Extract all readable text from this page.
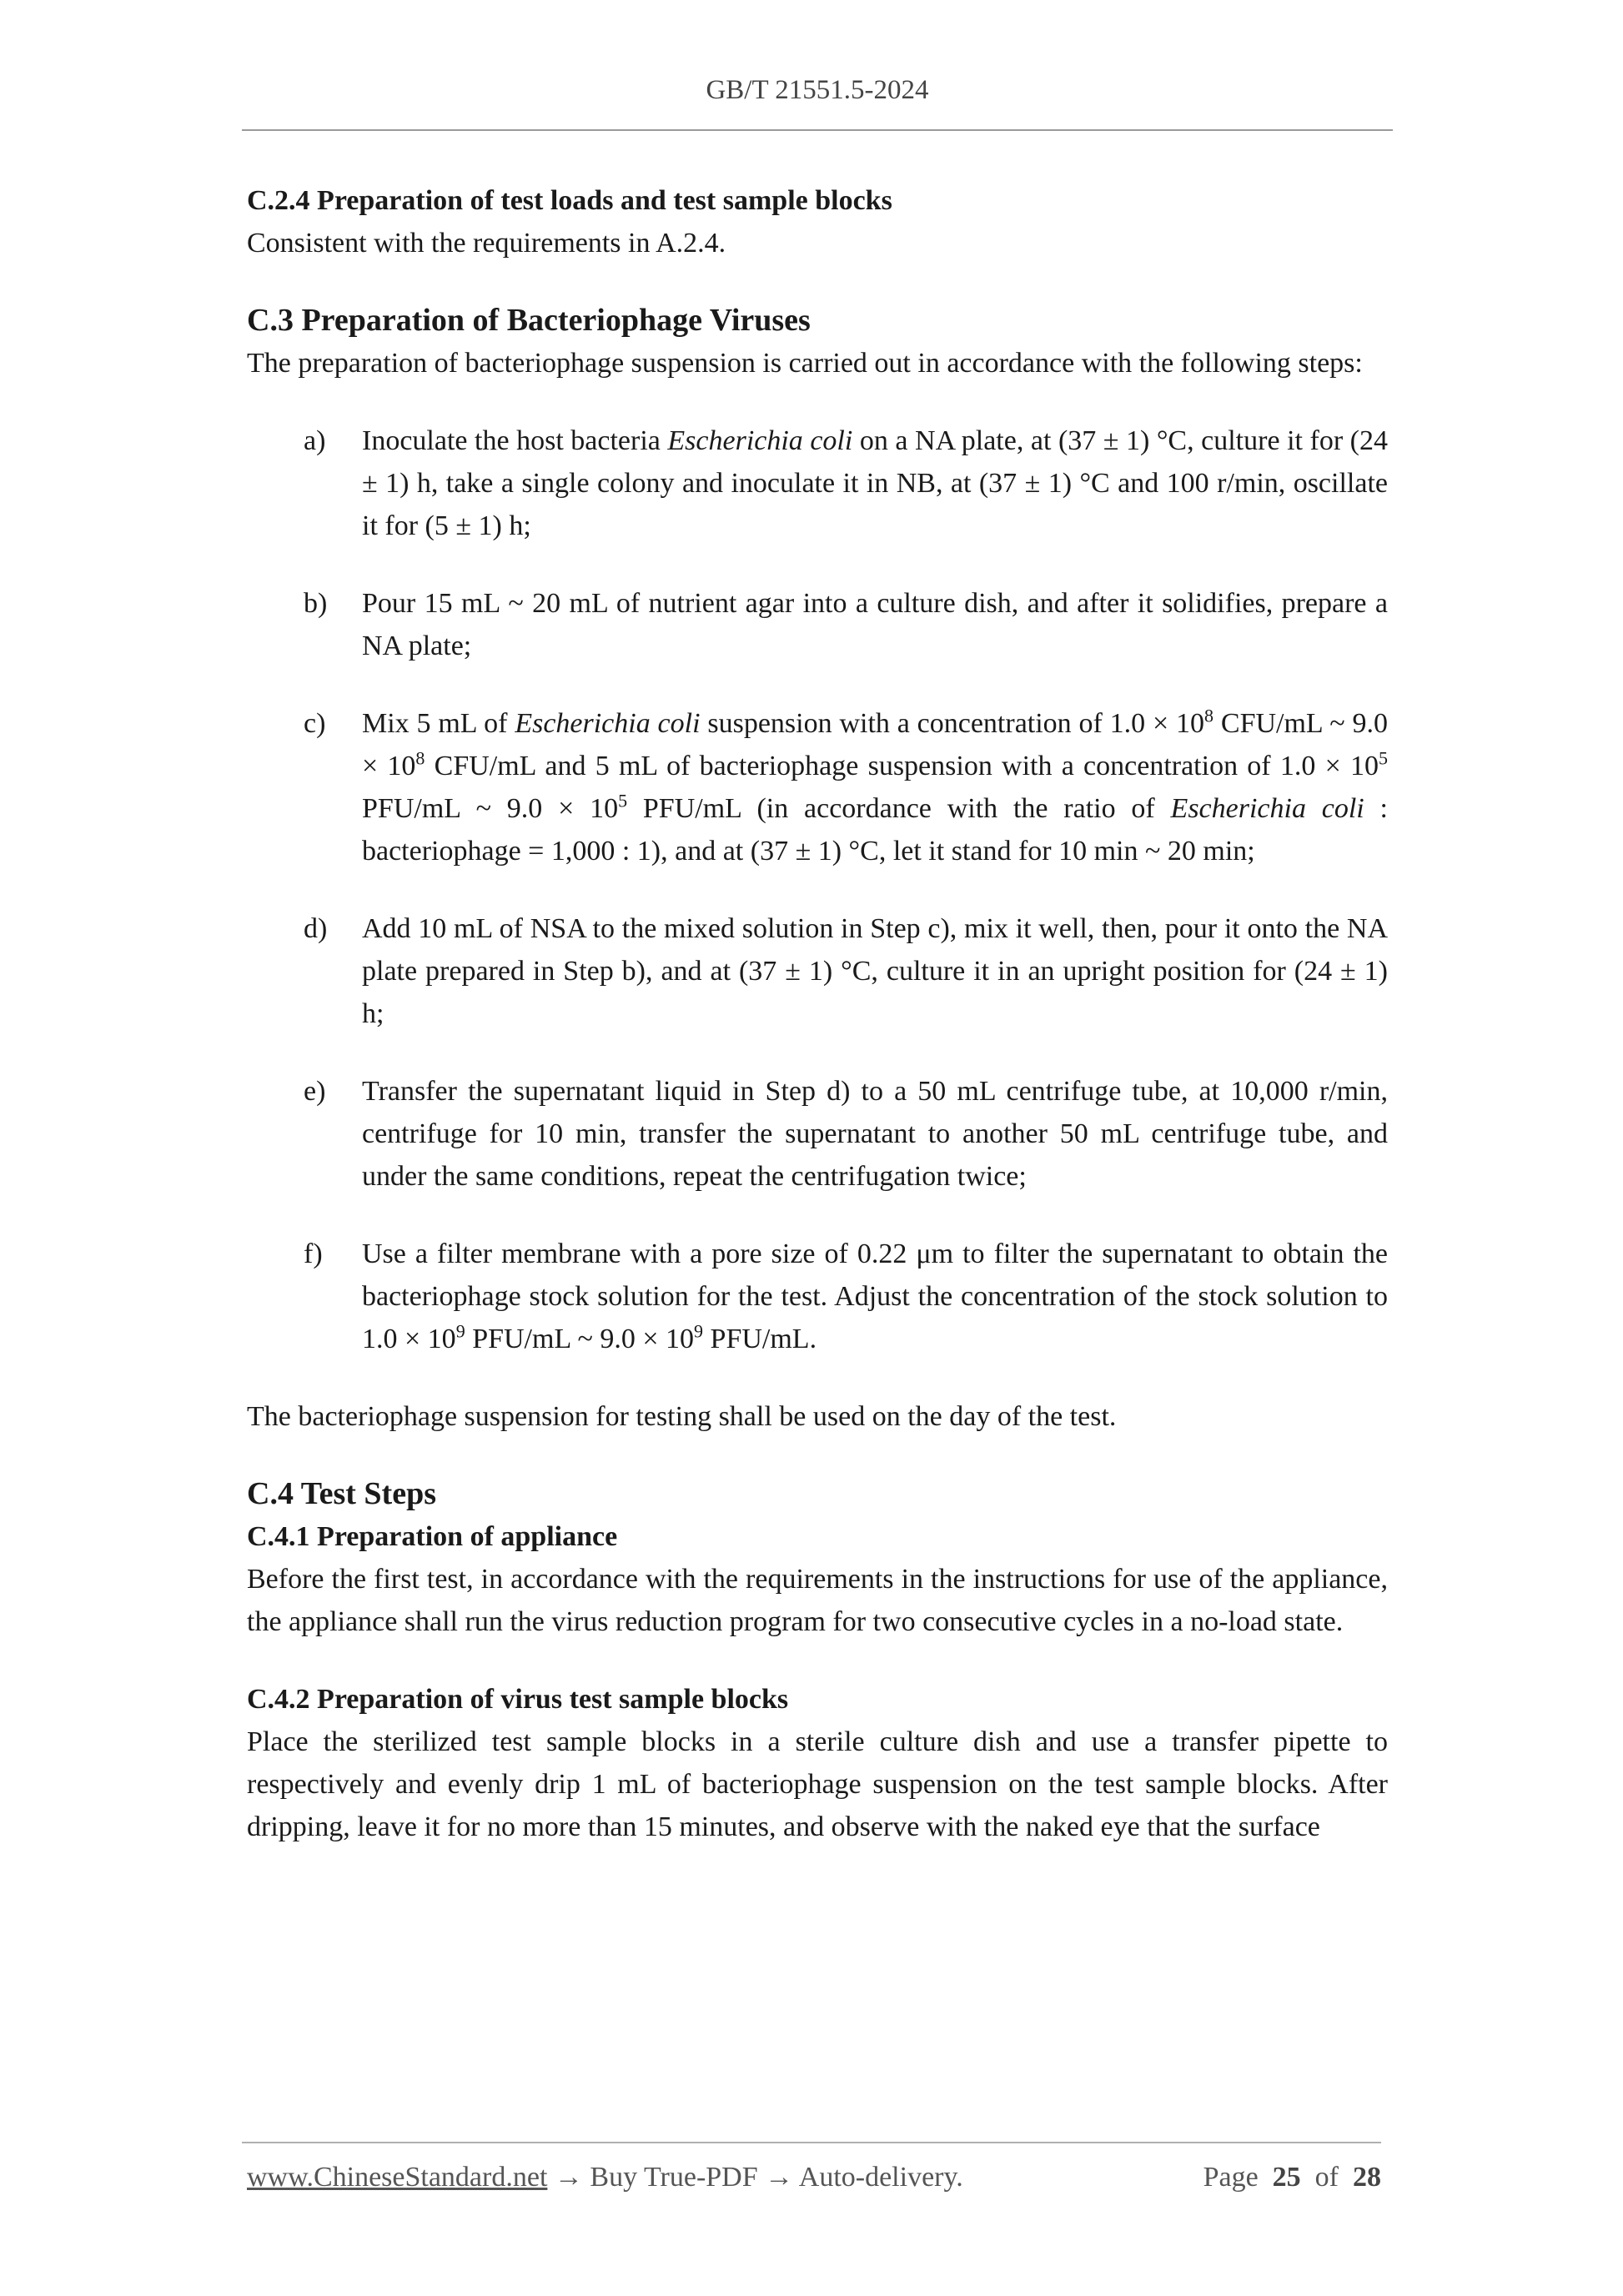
GB/T 21551.5-2024

C.2.4 Preparation of test loads and test sample blocks

Consistent with the requirements in A.2.4.

C.3 Preparation of Bacteriophage Viruses

The preparation of bacteriophage suspension is carried out in accordance with the following steps:

a) Inoculate the host bacteria Escherichia coli on a NA plate, at (37 ± 1) °C, culture it for (24 ± 1) h, take a single colony and inoculate it in NB, at (37 ± 1) °C and 100 r/min, oscillate it for (5 ± 1) h;
b) Pour 15 mL ~ 20 mL of nutrient agar into a culture dish, and after it solidifies, prepare a NA plate;
c) Mix 5 mL of Escherichia coli suspension with a concentration of $1.0 \times 10^8$ CFU/mL ~ $9.0 \times 10^8$ CFU/mL and 5 mL of bacteriophage suspension with a concentration of $1.0 \times 10^5$ PFU/mL ~ $9.0 \times 10^5$ PFU/mL (in accordance with the ratio of Escherichia coli : bacteriophage = 1,000 : 1), and at (37 ± 1) °C, let it stand for 10 min ~ 20 min;
d) Add 10 mL of NSA to the mixed solution in Step c), mix it well, then, pour it onto the NA plate prepared in Step b), and at (37 ± 1) °C, culture it in an upright position for (24 ± 1) h;
e) Transfer the supernatant liquid in Step d) to a 50 mL centrifuge tube, at 10,000 r/min, centrifuge for 10 min, transfer the supernatant to another 50 mL centrifuge tube, and under the same conditions, repeat the centrifugation twice;
f) Use a filter membrane with a pore size of 0.22 μm to filter the supernatant to obtain the bacteriophage stock solution for the test. Adjust the concentration of the stock solution to $1.0 \times 10^9$ PFU/mL ~ $9.0 \times 10^9$ PFU/mL.

The bacteriophage suspension for testing shall be used on the day of the test.

C.4 Test Steps

C.4.1 Preparation of appliance

Before the first test, in accordance with the requirements in the instructions for use of the appliance, the appliance shall run the virus reduction program for two consecutive cycles in a no-load state.

C.4.2 Preparation of virus test sample blocks

Place the sterilized test sample blocks in a sterile culture dish and use a transfer pipette to respectively and evenly drip 1 mL of bacteriophage suspension on the test sample blocks. After dripping, leave it for no more than 15 minutes, and observe with the naked eye that the surface

www.ChineseStandard.net → Buy True-PDF → Auto-delivery.	Page 25 of 28
